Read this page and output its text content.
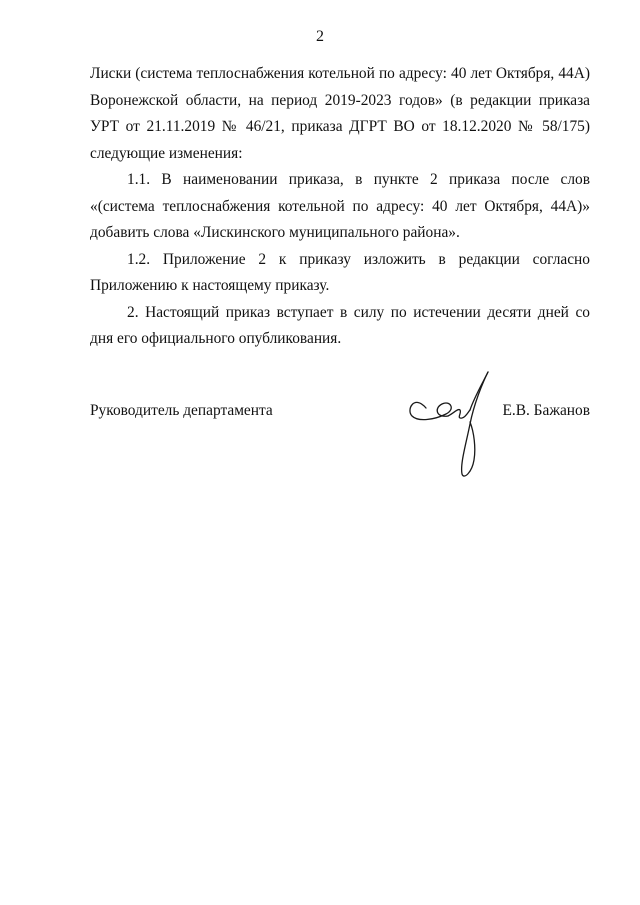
2

Лиски (система теплоснабжения котельной по адресу: 40 лет Октября, 44А) Воронежской области, на период 2019-2023 годов» (в редакции приказа УРТ от 21.11.2019 № 46/21, приказа ДГРТ ВО от 18.12.2020 № 58/175) следующие изменения:

1.1. В наименовании приказа, в пункте 2 приказа после слов «(система теплоснабжения котельной по адресу: 40 лет Октября, 44А)» добавить слова «Лискинского муниципального района».

1.2. Приложение 2 к приказу изложить в редакции согласно Приложению к настоящему приказу.

2. Настоящий приказ вступает в силу по истечении десяти дней со дня его официального опубликования.

Руководитель департамента	Е.В. Бажанов
